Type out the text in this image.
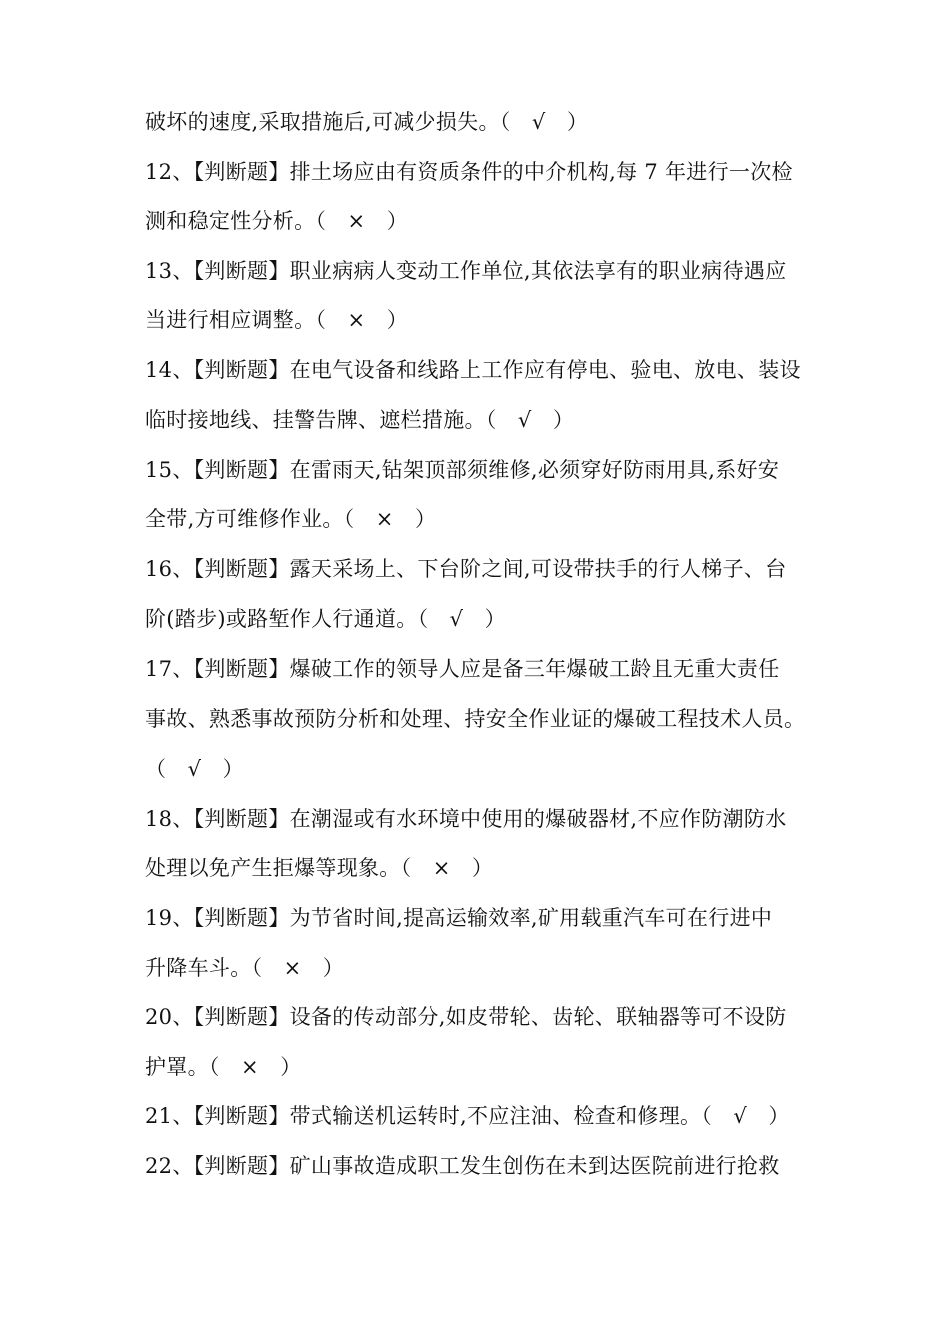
破坏的速度,采取措施后,可减少损失。（　√　）
12、【判断题】排土场应由有资质条件的中介机构,每 7 年进行一次检
测和稳定性分析。（　×　）
13、【判断题】职业病病人变动工作单位,其依法享有的职业病待遇应
当进行相应调整。（　×　）
14、【判断题】在电气设备和线路上工作应有停电、验电、放电、装设
临时接地线、挂警告牌、遮栏措施。（　√　）
15、【判断题】在雷雨天,钻架顶部须维修,必须穿好防雨用具,系好安
全带,方可维修作业。（　×　）
16、【判断题】露天采场上、下台阶之间,可设带扶手的行人梯子、台
阶(踏步)或路堑作人行通道。（　√　）
17、【判断题】爆破工作的领导人应是备三年爆破工龄且无重大责任
事故、熟悉事故预防分析和处理、持安全作业证的爆破工程技术人员。
（　√　）
18、【判断题】在潮湿或有水环境中使用的爆破器材,不应作防潮防水
处理以免产生拒爆等现象。（　×　）
19、【判断题】为节省时间,提高运输效率,矿用载重汽车可在行进中
升降车斗。（　×　）
20、【判断题】设备的传动部分,如皮带轮、齿轮、联轴器等可不设防
护罩。（　×　）
21、【判断题】带式输送机运转时,不应注油、检查和修理。（　√　）
22、【判断题】矿山事故造成职工发生创伤在未到达医院前进行抢救
